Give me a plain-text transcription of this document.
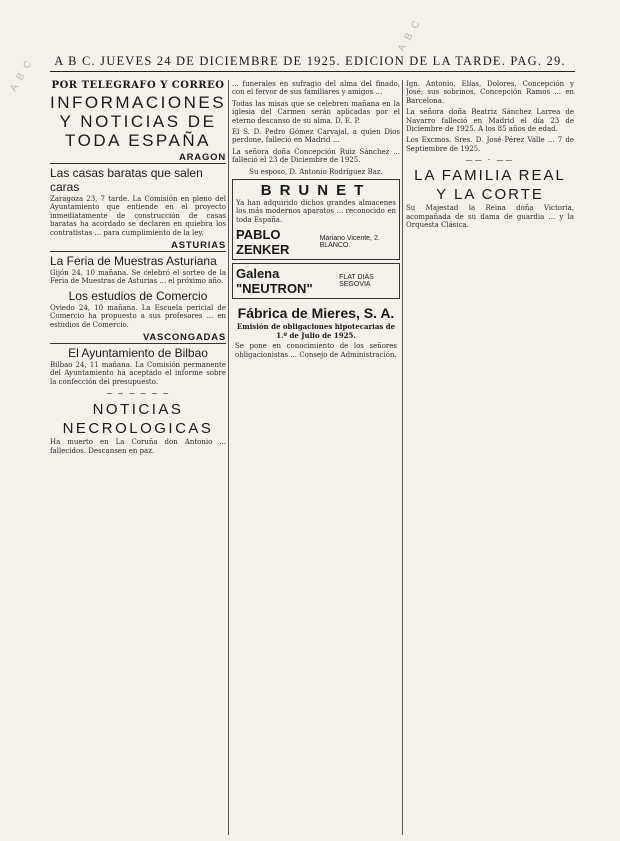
A B C
A B C
A B C. JUEVES 24 DE DICIEMBRE DE 1925. EDICION DE LA TARDE. PAG. 29.
POR TELEGRAFO Y CORREO
INFORMACIONES Y NOTICIAS DE TODA ESPAÑA
ARAGON
Las casas baratas que salen caras

Zaragoza 23, 7 tarde. La Comisión en pleno del Ayuntamiento que entiende en el proyecto inmediatamente de construcción de casas baratas ha acordado se declaren en quiebra los contratistas ... para cumplimiento de la ley.

ASTURIAS
La Feria de Muestras Asturiana

Gijón 24, 10 mañana. Se celebró el sorteo de la Feria de Muestras de Asturias ... el próximo año.

Los estudios de Comercio

Oviedo 24, 10 mañana. La Escuela pericial de Comercio ha propuesto a sus profesores ... en estudios de Comercio.

VASCONGADAS
El Ayuntamiento de Bilbao

Bilbao 24, 11 mañana. La Comisión permanente del Ayuntamiento ha aceptado el informe sobre la confección del presupuesto.

~ ~ ~ ~ ~ ~
NOTICIAS NECROLOGICAS

Ha muerto en La Coruña don Antonio ... fallecidos. Descansen en paz.

... funerales en sufragio del alma del finado, con el fervor de sus familiares y amigos ...

Todas las misas que se celebren mañana en la iglesia del Carmen serán aplicadas por el eterno descanso de su alma. D. E. P.

El S. D. Pedro Gómez Carvajal, a quien Dios perdone, falleció en Madrid ...

La señora doña Concepción Ruiz Sánchez ... falleció el 23 de Diciembre de 1925.

Su esposo, D. Antonio Rodríguez Baz.

BRUNET

Ya han adquirido dichos grandes almacenes los más modernos aparatos ... reconocido en toda España.

PABLO ZENKER
Mariano Vicente, 2. BLANCO.
Galena "NEUTRON"
FLAT DIAS SEGOVIA
Fábrica de Mieres, S. A.
Emisión de obligaciones hipotecarias de 1.º de Julio de 1925.

Se pone en conocimiento de los señores obligacionistas ... Consejo de Administración.

Ign. Antonio, Elías, Dolores, Concepción y José; sus sobrinos, Concepción Ramos ... en Barcelona.

La señora doña Beatriz Sánchez Larrea de Navarro falleció en Madrid el día 23 de Diciembre de 1925. A los 85 años de edad.

Los Excmos. Sres. D. José Pérez Valle ... 7 de Septiembre de 1925.

—— · ——
LA FAMILIA REAL Y LA CORTE

Su Majestad la Reina doña Victoria, acompañada de su dama de guardia ... y la Orquesta Clásica.
